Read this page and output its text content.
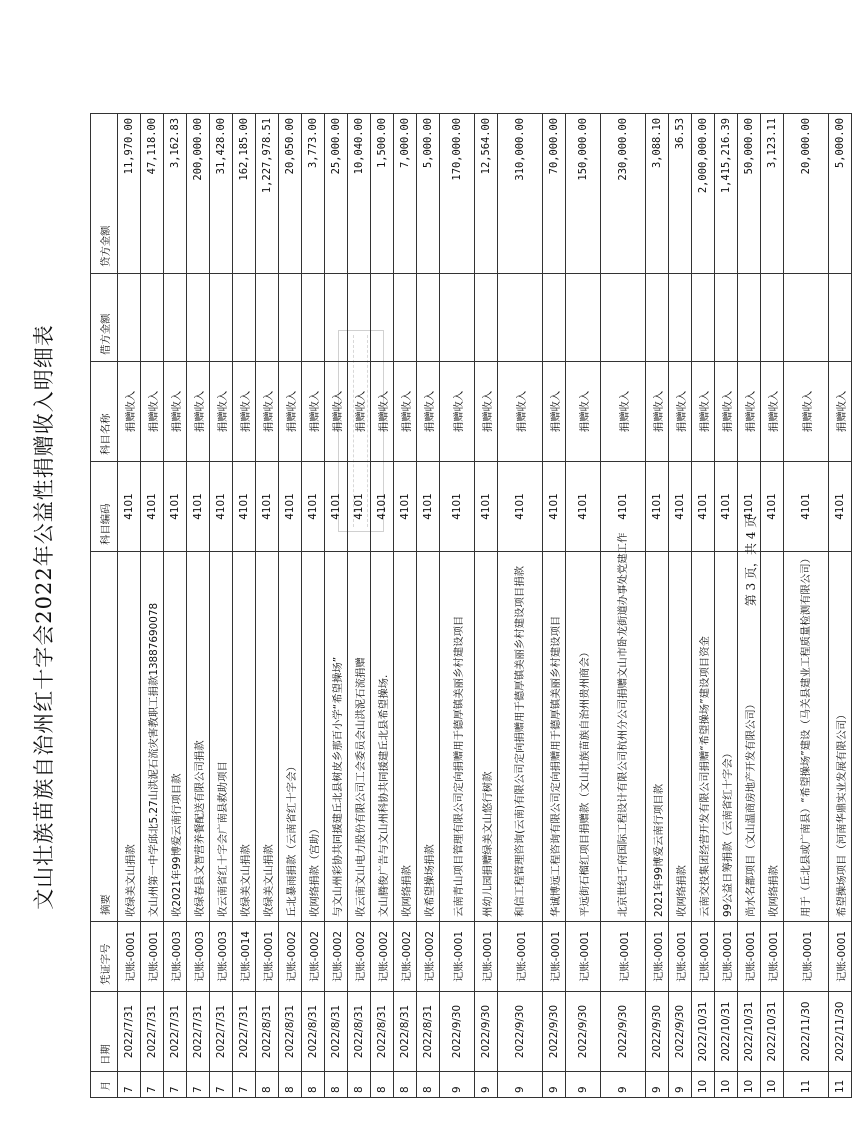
文山壮族苗族自治州红十字会2022年公益性捐赠收入明细表
月	日期	凭证字号	摘要	科目编码	科目名称	借方金额	贷方金额
7	2022/7/31	记账-0001	收绿美文山捐款	4101	捐赠收入		11,970.00
7	2022/7/31	记账-0001	文山州第一中学邱北5.27山洪泥石流灾害教职工捐款13887690078	4101	捐赠收入		47,118.00
7	2022/7/31	记账-0003	收2021年99博爱云南行项目款	4101	捐赠收入		3,162.83
7	2022/7/31	记账-0003	收绿春县文智营养餐配送有限公司捐款	4101	捐赠收入		200,000.00
7	2022/7/31	记账-0003	收云南省红十字会广南县救助项目	4101	捐赠收入		31,428.00
7	2022/7/31	记账-0014	收绿美文山捐款	4101	捐赠收入		162,185.00
8	2022/8/31	记账-0001	收绿美文山捐款	4101	捐赠收入		1,227,978.51
8	2022/8/31	记账-0002	丘北暴雨捐款（云南省红十字会）	4101	捐赠收入		20,050.00
8	2022/8/31	记账-0002	收网络捐款（宫助）	4101	捐赠收入		3,773.00
8	2022/8/31	记账-0002	与文山州彩协共同援建丘北县树皮乡那百小学“希望操场”	4101	捐赠收入		25,000.00
8	2022/8/31	记账-0002	收云南文山电力股份有限公司工会委员会山洪泥石流捐赠	4101	捐赠收入		10,040.00
8	2022/8/31	记账-0002	文山腾俊广告与文山州科协共同援建丘北县希望操场.	4101	捐赠收入		1,500.00
8	2022/8/31	记账-0002	收网络捐款	4101	捐赠收入		7,000.00
8	2022/8/31	记账-0002	收希望操场捐款	4101	捐赠收入		5,000.00
9	2022/9/30	记账-0001	云南青山项目管理有限公司定向捐赠用于德厚镇美丽乡村建设项目	4101	捐赠收入		170,000.00
9	2022/9/30	记账-0001	州幼儿园捐赠绿美文山悠行树款	4101	捐赠收入		12,564.00
9	2022/9/30	记账-0001	和信工程管理咨询(云南)有限公司定向捐赠用于德厚镇美丽乡村建设项目捐款	4101	捐赠收入		310,000.00
9	2022/9/30	记账-0001	华诚博远工程咨询有限公司定向捐赠用于德厚镇美丽乡村建设项目	4101	捐赠收入		70,000.00
9	2022/9/30	记账-0001	平远街石榴红项目捐赠款（文山壮族苗族自治州贵州商会）	4101	捐赠收入		150,000.00
9	2022/9/30	记账-0001	北京世纪千府国际工程设计有限公司杭州分公司捐赠文山市卧龙街道办事处党建工作	4101	捐赠收入		230,000.00
9	2022/9/30	记账-0001	2021年99博爱云南行项目款	4101	捐赠收入		3,088.10
9	2022/9/30	记账-0001	收网络捐款	4101	捐赠收入		36.53
10	2022/10/31	记账-0001	云南交投集团经营开发有限公司捐赠“希望操场”建设项目资金	4101	捐赠收入		2,000,000.00
10	2022/10/31	记账-0001	99公益日筹捐款（云南省红十字会）	4101	捐赠收入		1,415,216.39
10	2022/10/31	记账-0001	尚水名都项目（文山温商房地产开发有限公司）	4101	捐赠收入		50,000.00
10	2022/10/31	记账-0001	收网络捐款	4101	捐赠收入		3,123.11
11	2022/11/30	记账-0001	用于（丘北县或广南县）“希望操场”建设（马关县建业工程质量检测有限公司）	4101	捐赠收入		20,000.00
11	2022/11/30	记账-0001	希望操场项目（河南华鼎实业发展有限公司）	4101	捐赠收入		5,000.00
第 3 页，共 4 页
